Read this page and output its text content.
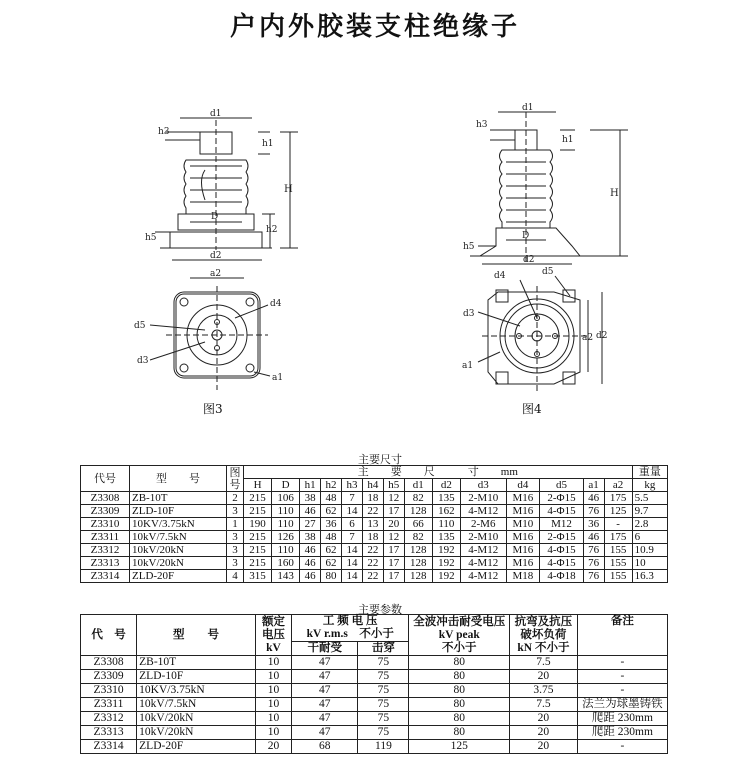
户内外胶装支柱绝缘子
d1
h3
h1
H
h2
h5
D
d2
a2
d5
d3
d4
a1
D
d1
h3
h1
H
h5
d2
d3
a1
d4	d5
a2 d2
图3	图4
主要尺寸
代号	型　　号	图号	主　　要　　尺　　　寸　　mm														重量
			H	D	h1	h2	h3	h4	h5	d1	d2	d3	d4	d5	a1	a2	kg
Z3308	ZB-10T	2	215	106	38	48	7	18	12	82	135	2-M10	M16	2-Φ15	46	175	5.5
Z3309	ZLD-10F	3	215	110	46	62	14	22	17	128	162	4-M12	M16	4-Φ15	76	125	9.7
Z3310	10KV/3.75kN	1	190	110	27	36	6	13	20	66	110	2-M6	M10	M12	36	-	2.8
Z3311	10kV/7.5kN	3	215	126	38	48	7	18	12	82	135	2-M10	M16	2-Φ15	46	175	6
Z3312	10kV/20kN	3	215	110	46	62	14	22	17	128	192	4-M12	M16	4-Φ15	76	155	10.9
Z3313	10kV/20kN	3	215	160	46	62	14	22	17	128	192	4-M12	M16	4-Φ15	76	155	10
Z3314	ZLD-20F	4	315	143	46	80	14	22	17	128	192	4-M12	M18	4-Φ18	76	155	16.3
主要参数
代　号	型　　号	额定
电压
kV	工 频 电 压
kV r.m.s　不小于		全波冲击耐受电压
kV peak
不小于	抗弯及抗压
破坏负荷
kN 不小于	备注
			干耐受	击穿			
Z3308	ZB-10T	10	47	75	80	7.5	-
Z3309	ZLD-10F	10	47	75	80	20	-
Z3310	10KV/3.75kN	10	47	75	80	3.75	-
Z3311	10kV/7.5kN	10	47	75	80	7.5	法兰为球墨铸铁
Z3312	10kV/20kN	10	47	75	80	20	爬距 230mm
Z3313	10kV/20kN	10	47	75	80	20	爬距 230mm
Z3314	ZLD-20F	20	68	119	125	20	-
